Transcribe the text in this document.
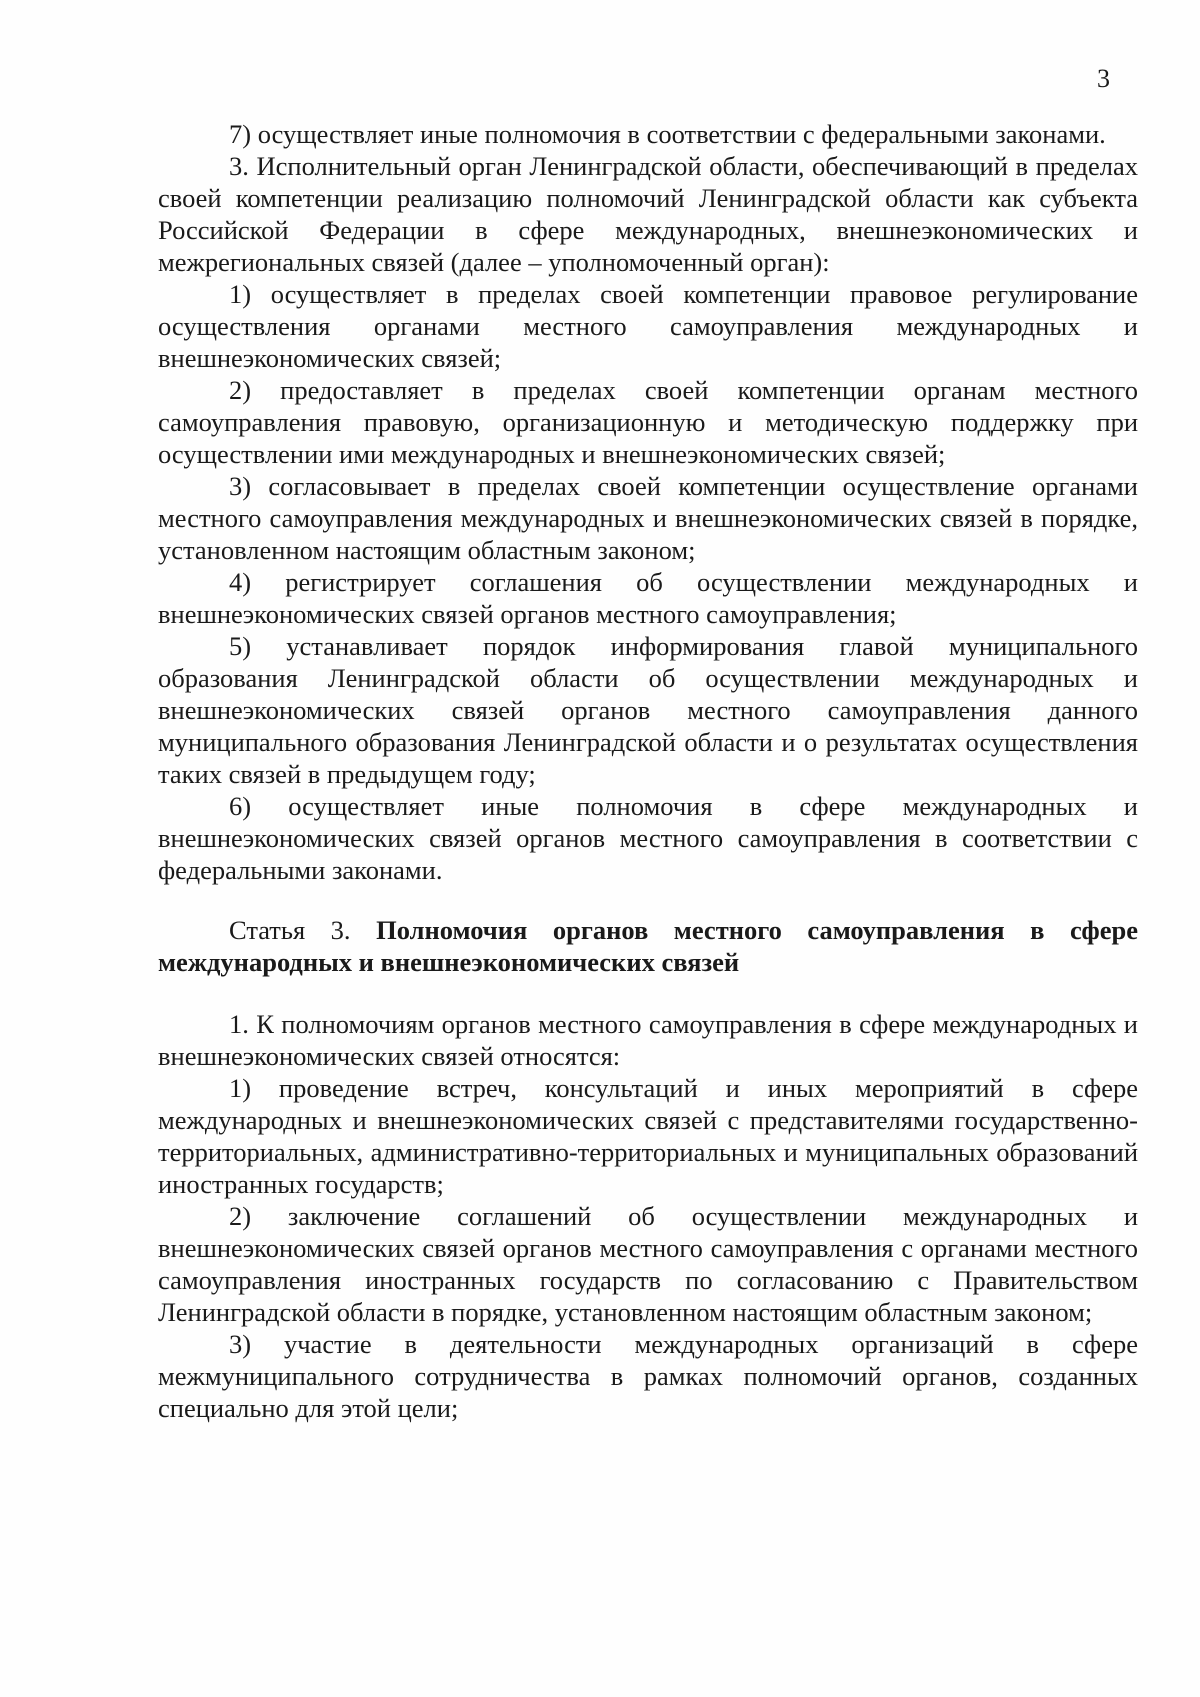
3

7) осуществляет иные полномочия в соответствии с федеральными законами.

3. Исполнительный орган Ленинградской области, обеспечивающий в пределах своей компетенции реализацию полномочий Ленинградской области как субъекта Российской Федерации в сфере международных, внешнеэкономических и межрегиональных связей (далее – уполномоченный орган):

1) осуществляет в пределах своей компетенции правовое регулирование осуществления органами местного самоуправления международных и внешнеэкономических связей;

2) предоставляет в пределах своей компетенции органам местного самоуправления правовую, организационную и методическую поддержку при осуществлении ими международных и внешнеэкономических связей;

3) согласовывает в пределах своей компетенции осуществление органами местного самоуправления международных и внешнеэкономических связей в порядке, установленном настоящим областным законом;

4) регистрирует соглашения об осуществлении международных и внешнеэкономических связей органов местного самоуправления;

5) устанавливает порядок информирования главой муниципального образования Ленинградской области об осуществлении международных и внешнеэкономических связей органов местного самоуправления данного муниципального образования Ленинградской области и о результатах осуществления таких связей в предыдущем году;

6) осуществляет иные полномочия в сфере международных и внешнеэкономических связей органов местного самоуправления в соответствии с федеральными законами.

Статья 3. Полномочия органов местного самоуправления в сфере международных и внешнеэкономических связей

1. К полномочиям органов местного самоуправления в сфере международных и внешнеэкономических связей относятся:

1) проведение встреч, консультаций и иных мероприятий в сфере международных и внешнеэкономических связей с представителями государственно-территориальных, административно-территориальных и муниципальных образований иностранных государств;

2) заключение соглашений об осуществлении международных и внешнеэкономических связей органов местного самоуправления с органами местного самоуправления иностранных государств по согласованию с Правительством Ленинградской области в порядке, установленном настоящим областным законом;

3) участие в деятельности международных организаций в сфере межмуниципального сотрудничества в рамках полномочий органов, созданных специально для этой цели;
